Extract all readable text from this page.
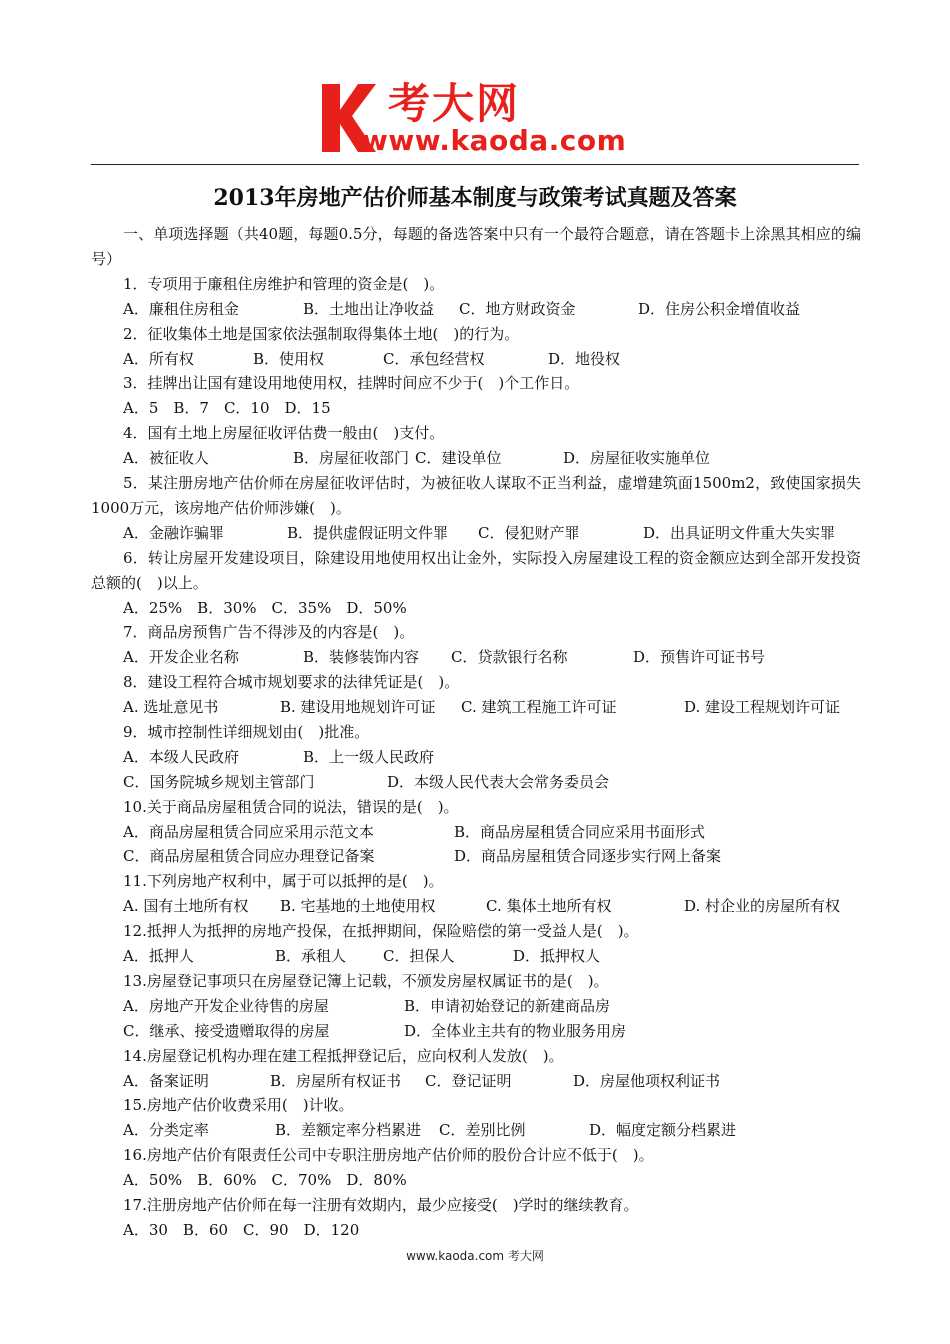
考大网
www.kaoda.com
2013年房地产估价师基本制度与政策考试真题及答案

一、单项选择题（共40题，每题0.5分，每题的备选答案中只有一个最符合题意，请在答题卡上涂黑其相应的编号）

1．专项用于廉租住房维护和管理的资金是(　)。

A．廉租住房租金	B．土地出让净收益 C．地方财政资金	D．住房公积金增值收益

2．征收集体土地是国家依法强制取得集体土地(　)的行为。

A．所有权	B．使用权	C．承包经营权	D．地役权

3．挂牌出让国有建设用地使用权，挂牌时间应不少于(　)个工作日。

A．5　B．7　C．10　D．15

4．国有土地上房屋征收评估费一般由(　)支付。

A．被征收人	B．房屋征收部门 C．建设单位	D．房屋征收实施单位

5．某注册房地产估价师在房屋征收评估时，为被征收人谋取不正当利益，虚增建筑面1500m2，致使国家损失1000万元，该房地产估价师涉嫌(　)。

A．金融诈骗罪	B．提供虚假证明文件罪 C．侵犯财产罪	D．出具证明文件重大失实罪

6．转让房屋开发建设项目，除建设用地使用权出让金外，实际投入房屋建设工程的资金额应达到全部开发投资总额的(　)以上。

A．25%　B．30%　C．35%　D．50%

7．商品房预售广告不得涉及的内容是(　)。

A．开发企业名称	B．装修装饰内容 C．贷款银行名称	D．预售许可证书号

8．建设工程符合城市规划要求的法律凭证是(　)。

A. 选址意见书	B. 建设用地规划许可证 C. 建筑工程施工许可证	D. 建设工程规划许可证

9．城市控制性详细规划由(　)批准。

A．本级人民政府	B．上一级人民政府
C．国务院城乡规划主管部门	D．本级人民代表大会常务委员会

10.关于商品房屋租赁合同的说法，错误的是(　)。

A．商品房屋租赁合同应采用示范文本	B．商品房屋租赁合同应采用书面形式
C．商品房屋租赁合同应办理登记备案	D．商品房屋租赁合同逐步实行网上备案

11.下列房地产权利中，属于可以抵押的是(　)。

A. 国有土地所有权 B. 宅基地的土地使用权	C. 集体土地所有权	D. 村企业的房屋所有权

12.抵押人为抵押的房地产投保，在抵押期间，保险赔偿的第一受益人是(　)。

A．抵押人	B．承租人 C．担保人	D．抵押权人

13.房屋登记事项只在房屋登记簿上记载，不颁发房屋权属证书的是(　)。

A．房地产开发企业待售的房屋	B．申请初始登记的新建商品房
C．继承、接受遗赠取得的房屋	D．全体业主共有的物业服务用房

14.房屋登记机构办理在建工程抵押登记后，应向权利人发放(　)。

A．备案证明	B．房屋所有权证书 C．登记证明	D．房屋他项权利证书

15.房地产估价收费采用(　)计收。

A．分类定率	B．差额定率分档累进 C．差别比例	D．幅度定额分档累进

16.房地产估价有限责任公司中专职注册房地产估价师的股份合计应不低于(　)。

A．50%　B．60%　C．70%　D．80%

17.注册房地产估价师在每一注册有效期内，最少应接受(　)学时的继续教育。

A．30　B．60　C．90　D．120
www.kaoda.com 考大网
